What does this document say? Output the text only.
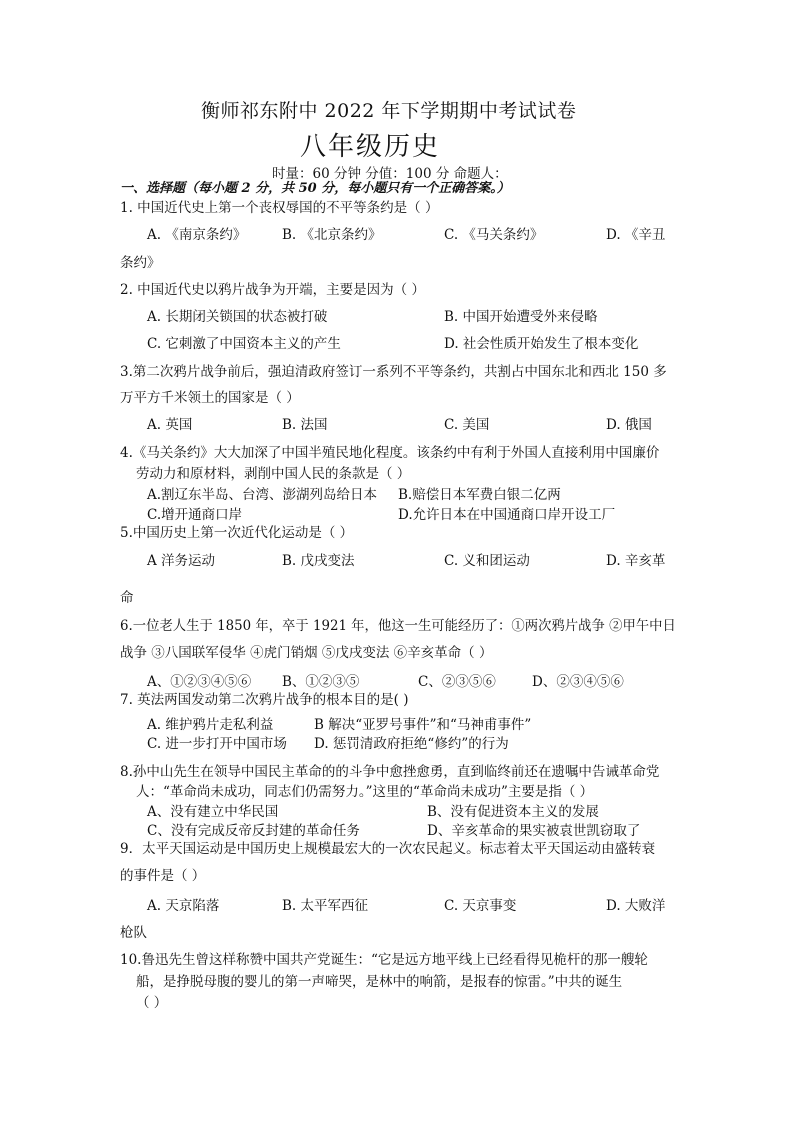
衡师祁东附中 2022 年下学期期中考试试卷
八年级历史
时量：60 分钟 分值：100 分 命题人：
一、选择题（每小题 2 分，共 50 分，每小题只有一个正确答案。）
1. 中国近代史上第一个丧权辱国的不平等条约是（ ）
A. 《南京条约》	B. 《北京条约》	C. 《马关条约》	D. 《辛丑
条约》
2. 中国近代史以鸦片战争为开端，主要是因为（ ）
A. 长期闭关锁国的状态被打破	B. 中国开始遭受外来侵略
C. 它刺激了中国资本主义的产生	D. 社会性质开始发生了根本变化
3.第二次鸦片战争前后，强迫清政府签订一系列不平等条约，共割占中国东北和西北 150 多
万平方千米领土的国家是（ ）
A. 英国	B. 法国	C. 美国	D. 俄国
4.《马关条约》大大加深了中国半殖民地化程度。该条约中有利于外国人直接利用中国廉价
劳动力和原材料，剥削中国人民的条款是（ ）
A.割辽东半岛、台湾、澎湖列岛给日本 B.赔偿日本军费白银二亿两
C.增开通商口岸	D.允许日本在中国通商口岸开设工厂
5.中国历史上第一次近代化运动是（ ）
A 洋务运动	B. 戊戌变法	C. 义和团运动	D. 辛亥革
命
6.一位老人生于 1850 年，卒于 1921 年，他这一生可能经历了：①两次鸦片战争 ②甲午中日
战争 ③八国联军侵华 ④虎门销烟 ⑤戊戌变法 ⑥辛亥革命（ ）
A、①②③④⑤⑥ B、①②③⑤	C、②③⑤⑥	D、②③④⑤⑥
7. 英法两国发动第二次鸦片战争的根本目的是( )
A. 维护鸦片走私利益	B 解决“亚罗号事件”和“马神甫事件”
C. 进一步打开中国市场 D. 惩罚清政府拒绝“修约”的行为
8.孙中山先生在领导中国民主革命的的斗争中愈挫愈勇，直到临终前还在遗嘱中告诫革命党
人：“革命尚未成功，同志们仍需努力。”这里的“革命尚未成功”主要是指（ ）
A、没有建立中华民国	B、没有促进资本主义的发展
C、没有完成反帝反封建的革命任务	D、辛亥革命的果实被袁世凯窃取了
9．太平天国运动是中国历史上规模最宏大的一次农民起义。标志着太平天国运动由盛转衰
的事件是（ ）
A. 天京陷落	B. 太平军西征	C. 天京事变	D. 大败洋
枪队
10.鲁迅先生曾这样称赞中国共产党诞生：“它是远方地平线上已经看得见桅杆的那一艘轮
船，是挣脱母腹的婴儿的第一声啼哭，是林中的响箭，是报春的惊雷。”中共的诞生
（ ）
